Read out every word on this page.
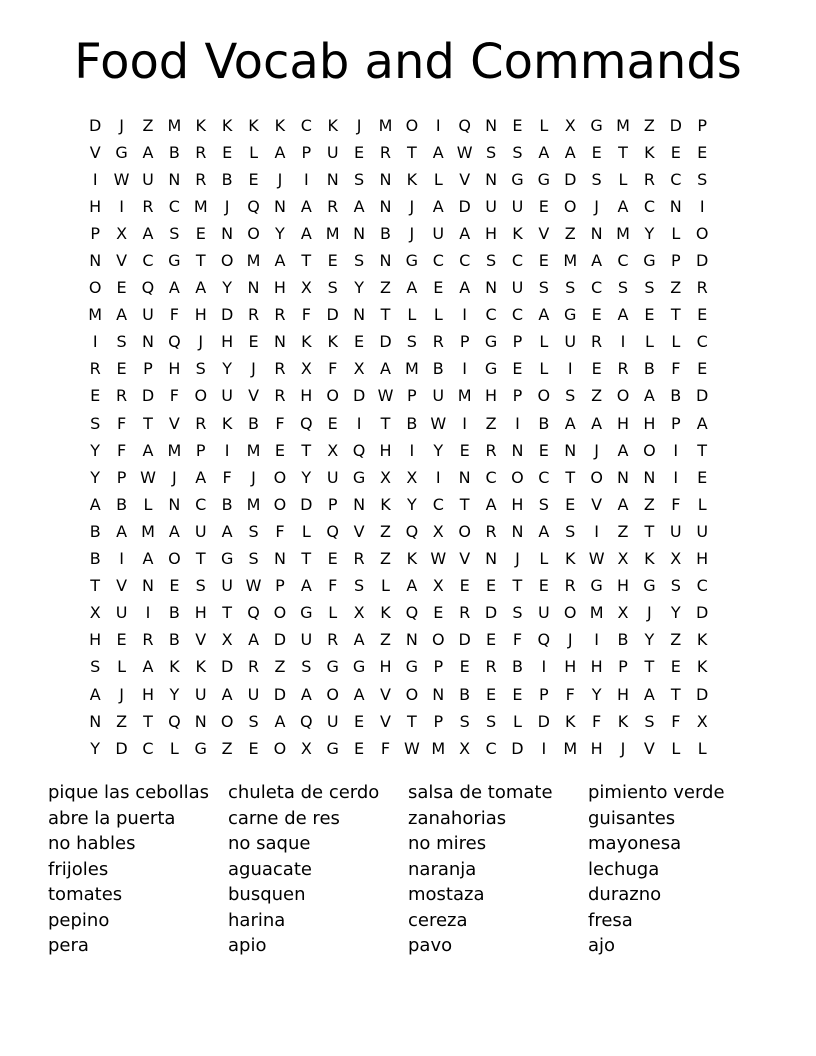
Food Vocab and Commands
D	J	Z M K K K K C K	J	M O	I	Q N E	L	X G M Z D P
V G A B R E	L	A	P U E R T	A W S	S A A E	T	K	E	E
I	W U N R B E	J	I	N S N K	L	V N G G D S	L	R C S
H	I	R C M	J	Q N A R A N	J	A D U U E O	J	A C N	I
P	X A S	E N O Y	A M N B	J	U A H K V Z N M Y	L O
N V C G T O M A	T	E	S N G C C S C E M A C G P D
O E Q A A	Y N H X S	Y	Z A E A N U S	S C S	S Z R
M A U F H D R R	F D N T	L	L	I	C C A G E A E	T	E
I	S N Q	J	H E N K K	E D S R	P G P	L	U R	I	L	L	C
R E	P H S	Y	J	R X	F	X A M B	I	G E	L	I	E R B	F	E
E R D F O U V R H O D W P U M H P O S Z O A B D
S	F	T	V R K B	F Q E	I	T	B W	I	Z	I	B A A H H P	A
Y	F	A M P	I	M E	T	X Q H	I	Y	E R N E N	J	A O	I	T
Y	P W	J	A	F	J	O Y U G X X	I	N C O C T O N N	I	E
A B	L N C B M O D P N K	Y C T	A H S	E V A Z	F	L
B A M A U A S	F	L Q V Z Q X O R N A S	I	Z	T U U
B	I	A O T G S N T	E R Z K W V N	J	L	K W X K X H
T	V N E	S U W P	A	F	S	L	A X E	E	T	E R G H G S C
X U	I	B H T Q O G L	X K Q E R D S U O M X	J	Y D
H E R B V X A D U R A Z N O D E	F Q	J	I	B	Y	Z K
S	L	A K K D R Z S G G H G P	E R B	I	H H P	T	E	K
A	J	H Y U A U D A O A V O N B E	E	P	F	Y H A	T D
N Z	T Q N O S A Q U E V	T	P	S	S	L D K	F	K	S	F	X
Y D C	L G Z E O X G E	F W M X C D	I	M H	J	V	L	L
pique las cebollas
abre la puerta
no hables
frijoles
tomates
pepino
pera
chuleta de cerdo
carne de res
no saque
aguacate
busquen
harina
apio
salsa de tomate
zanahorias
no mires
naranja
mostaza
cereza
pavo
pimiento verde
guisantes
mayonesa
lechuga
durazno
fresa
ajo
